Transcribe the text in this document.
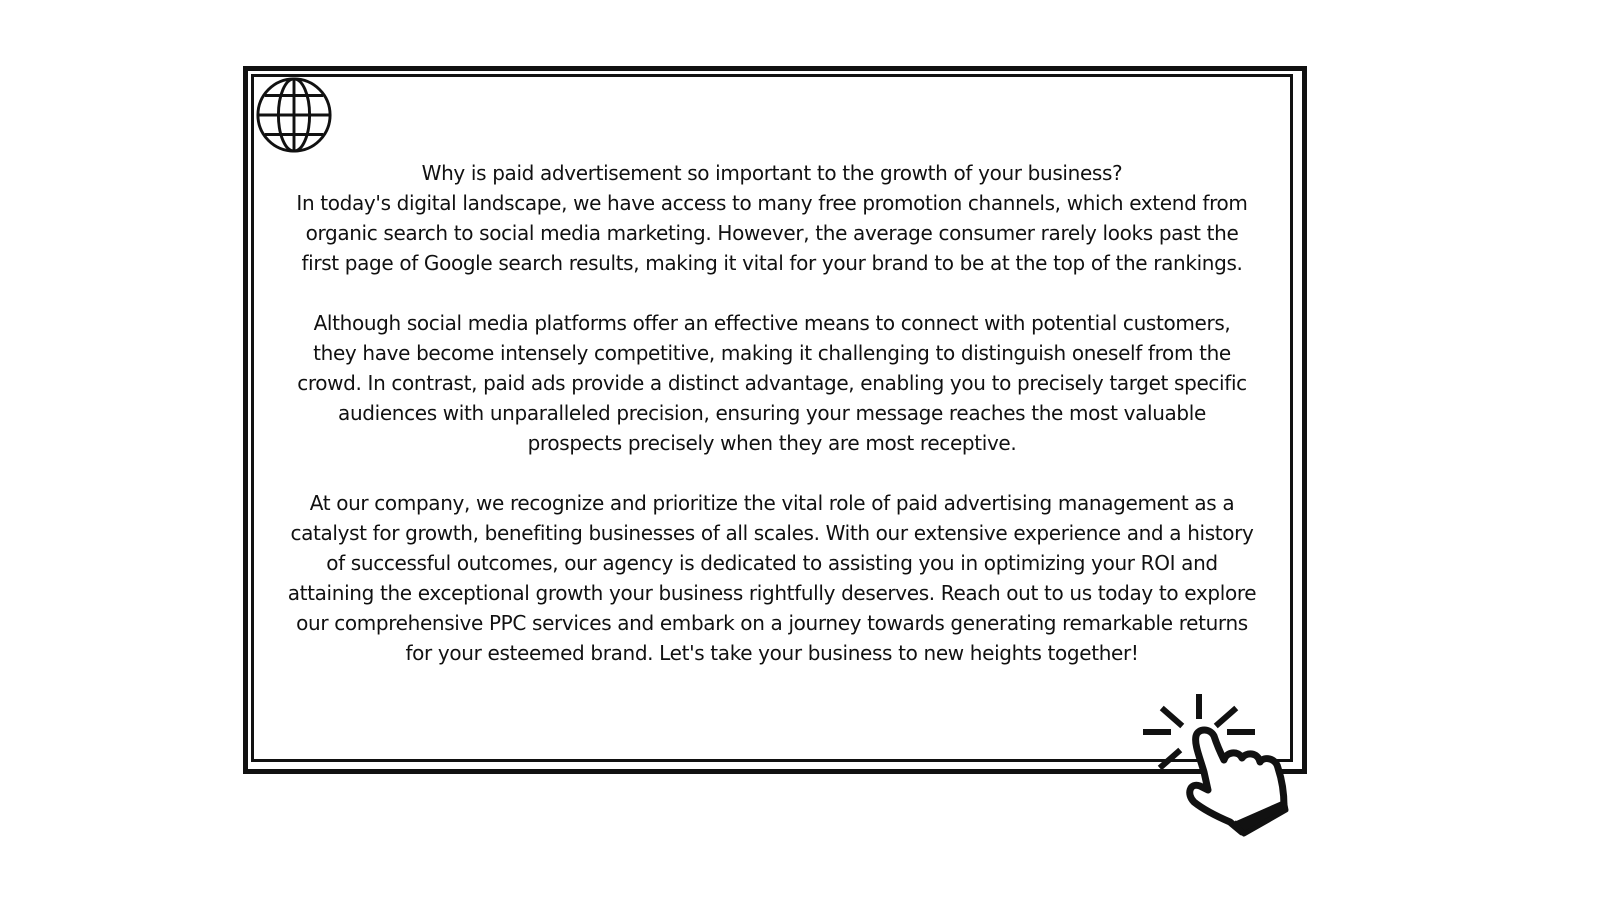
Why is paid advertisement so important to the growth of your business?
In today's digital landscape, we have access to many free promotion channels, which extend from
organic search to social media marketing. However, the average consumer rarely looks past the
first page of Google search results, making it vital for your brand to be at the top of the rankings.

Although social media platforms offer an effective means to connect with potential customers,
they have become intensely competitive, making it challenging to distinguish oneself from the
crowd. In contrast, paid ads provide a distinct advantage, enabling you to precisely target specific
audiences with unparalleled precision, ensuring your message reaches the most valuable
prospects precisely when they are most receptive.

At our company, we recognize and prioritize the vital role of paid advertising management as a
catalyst for growth, benefiting businesses of all scales. With our extensive experience and a history
of successful outcomes, our agency is dedicated to assisting you in optimizing your ROI and
attaining the exceptional growth your business rightfully deserves. Reach out to us today to explore
our comprehensive PPC services and embark on a journey towards generating remarkable returns
for your esteemed brand. Let's take your business to new heights together!
